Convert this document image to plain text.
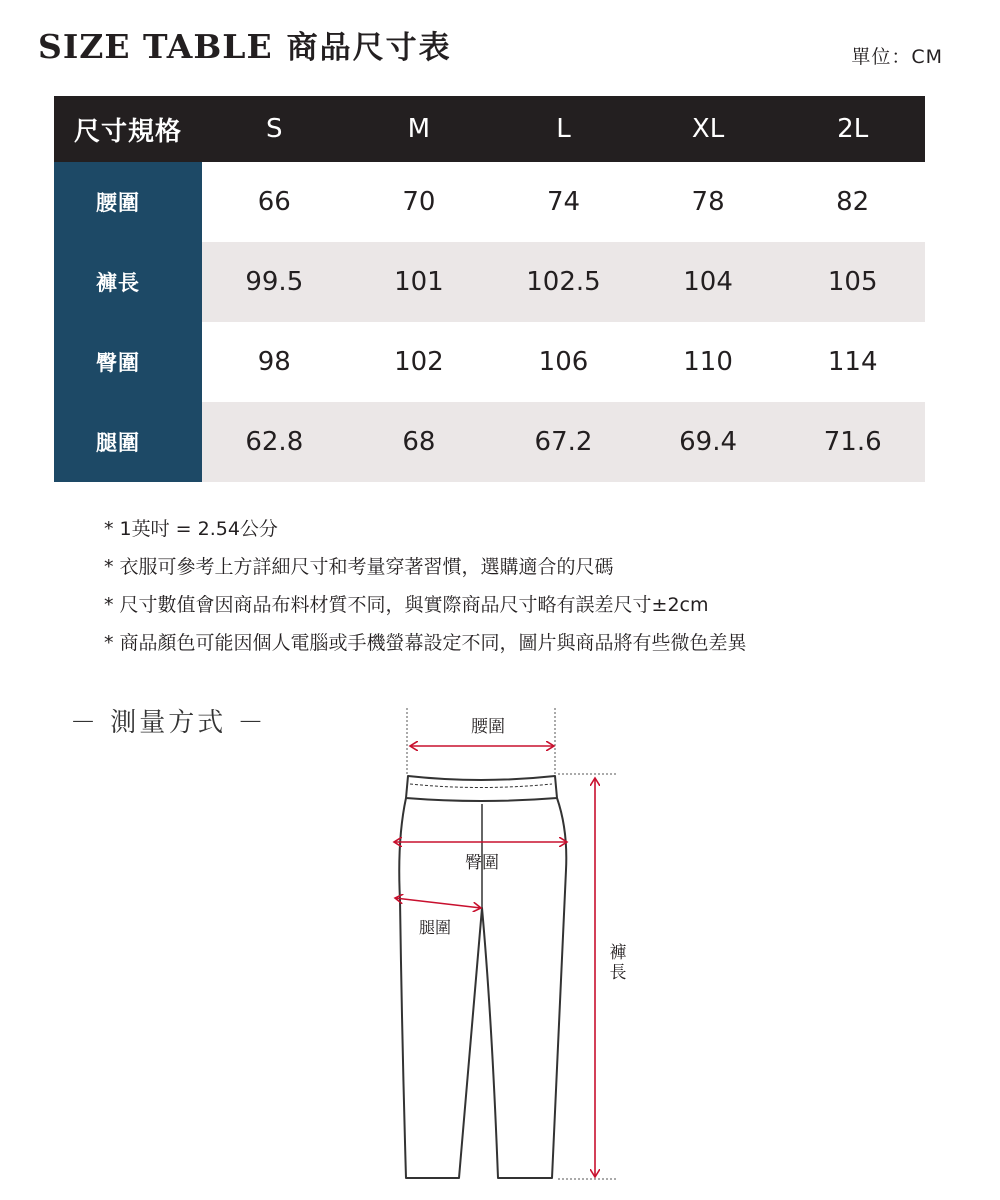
SIZE TABLE 商品尺寸表	單位：CM
尺寸規格	S	M	L	XL	2L
腰圍	66	70	74	78	82
褲長	99.5	101	102.5	104	105
臀圍	98	102	106	110	114
腿圍	62.8	68	67.2	69.4	71.6
* 1英吋 = 2.54公分
* 衣服可參考上方詳細尺寸和考量穿著習慣，選購適合的尺碼
* 尺寸數值會因商品布料材質不同，與實際商品尺寸略有誤差尺寸±2cm
* 商品顏色可能因個人電腦或手機螢幕設定不同，圖片與商品將有些微色差異
－ 測量方式 －	腰圍
臀圍
腿圍
褲
長
